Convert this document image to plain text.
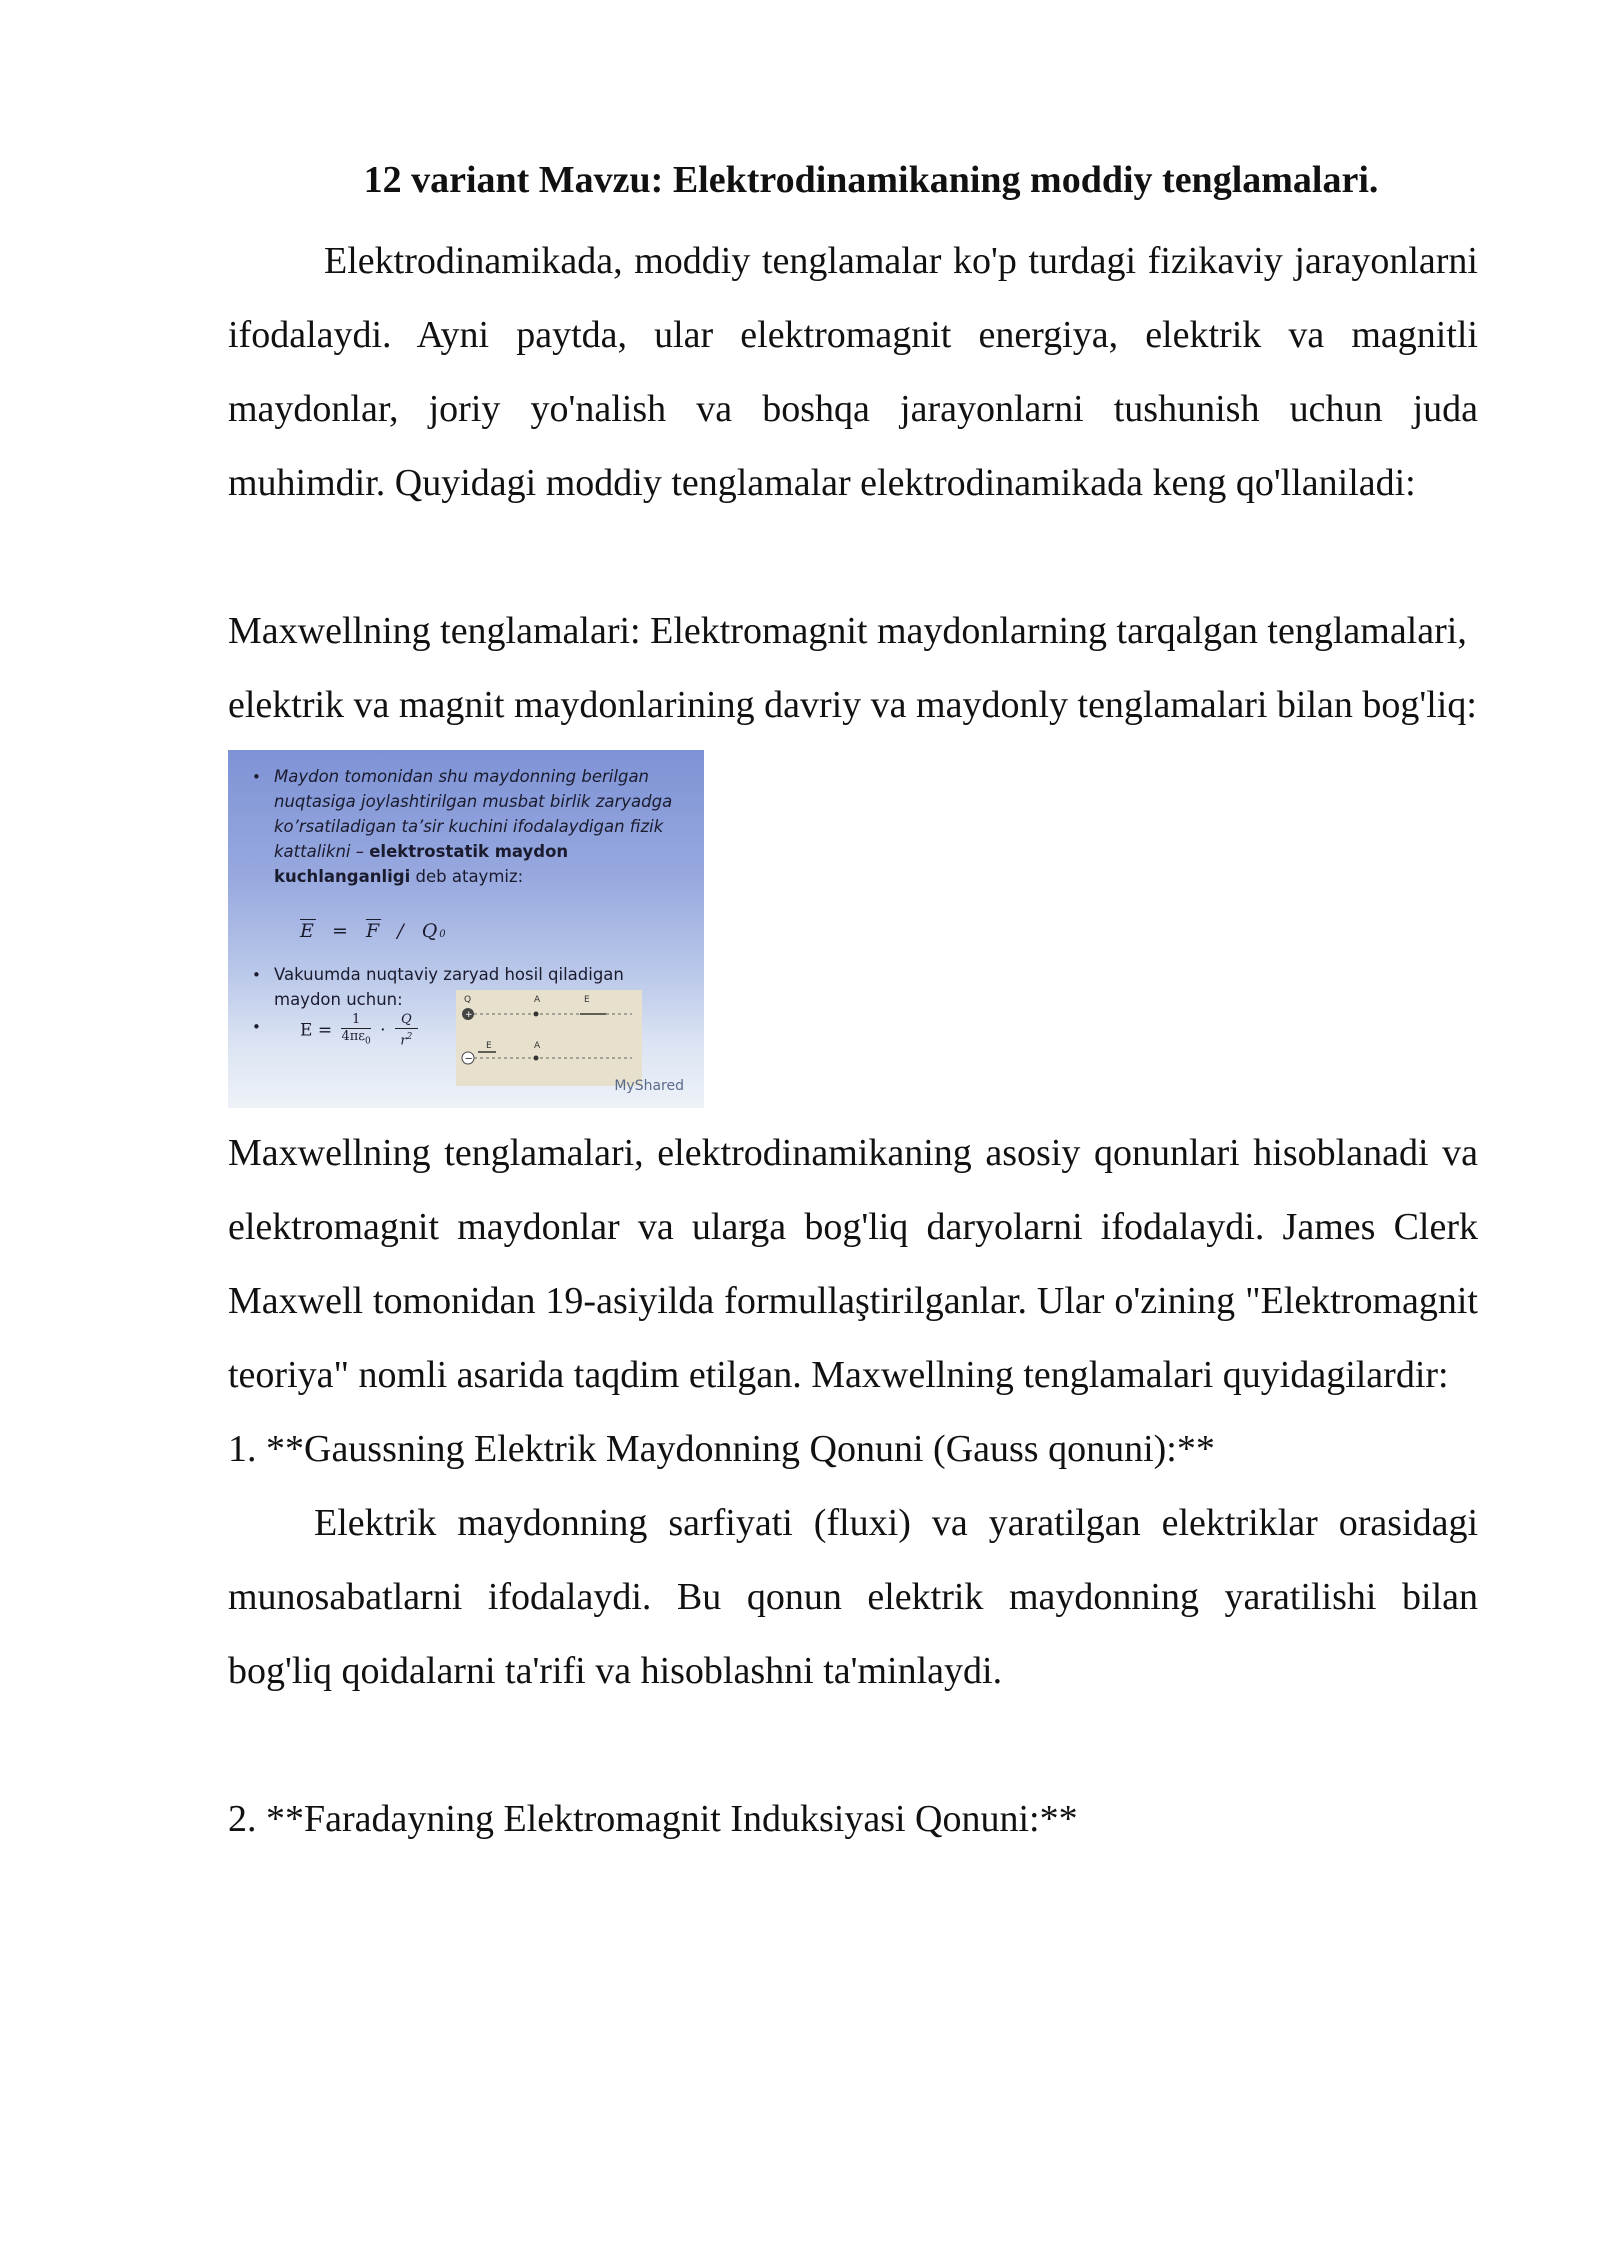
12 variant Mavzu: Elektrodinamikaning moddiy tenglamalari.

Elektrodinamikada, moddiy tenglamalar ko'p turdagi fizikaviy jarayonlarni ifodalaydi. Ayni paytda, ular elektromagnit energiya, elektrik va magnitli maydonlar, joriy yo'nalish va boshqa jarayonlarni tushunish uchun juda muhimdir. Quyidagi moddiy tenglamalar elektrodinamikada keng qo'llaniladi:

Maxwellning tenglamalari: Elektromagnit maydonlarning tarqalgan tenglamalari, elektrik va magnit maydonlarining davriy va maydonly tenglamalari bilan bog'liq:

• Maydon tomonidan shu maydonning berilgan nuqtasiga joylashtirilgan musbat birlik zaryadga ko’rsatiladigan ta’sir kuchini ifodalaydigan fizik kattalikni – elektrostatik maydon kuchlanganligi deb ataymiz:
$\overline{E} = \overline{F} / Q0$
• Vakuumda nuqtaviy zaryad hosil qiladigan maydon uchun:
• $E = \frac{1}{4\pi\varepsilon_0} \cdot \frac{Q}{r^2}$
Q	A	E
+
E	A
−
MyShared

Maxwellning tenglamalari, elektrodinamikaning asosiy qonunlari hisoblanadi va elektromagnit maydonlar va ularga bog'liq daryolarni ifodalaydi. James Clerk Maxwell tomonidan 19-asiyilda formullaştirilganlar. Ular o'zining "Elektromagnit teoriya" nomli asarida taqdim etilgan. Maxwellning tenglamalari quyidagilardir:

1. **Gaussning Elektrik Maydonning Qonuni (Gauss qonuni):**

Elektrik maydonning sarfiyati (fluxi) va yaratilgan elektriklar orasidagi munosabatlarni ifodalaydi. Bu qonun elektrik maydonning yaratilishi bilan bog'liq qoidalarni ta'rifi va hisoblashni ta'minlaydi.

2. **Faradayning Elektromagnit Induksiyasi Qonuni:**
